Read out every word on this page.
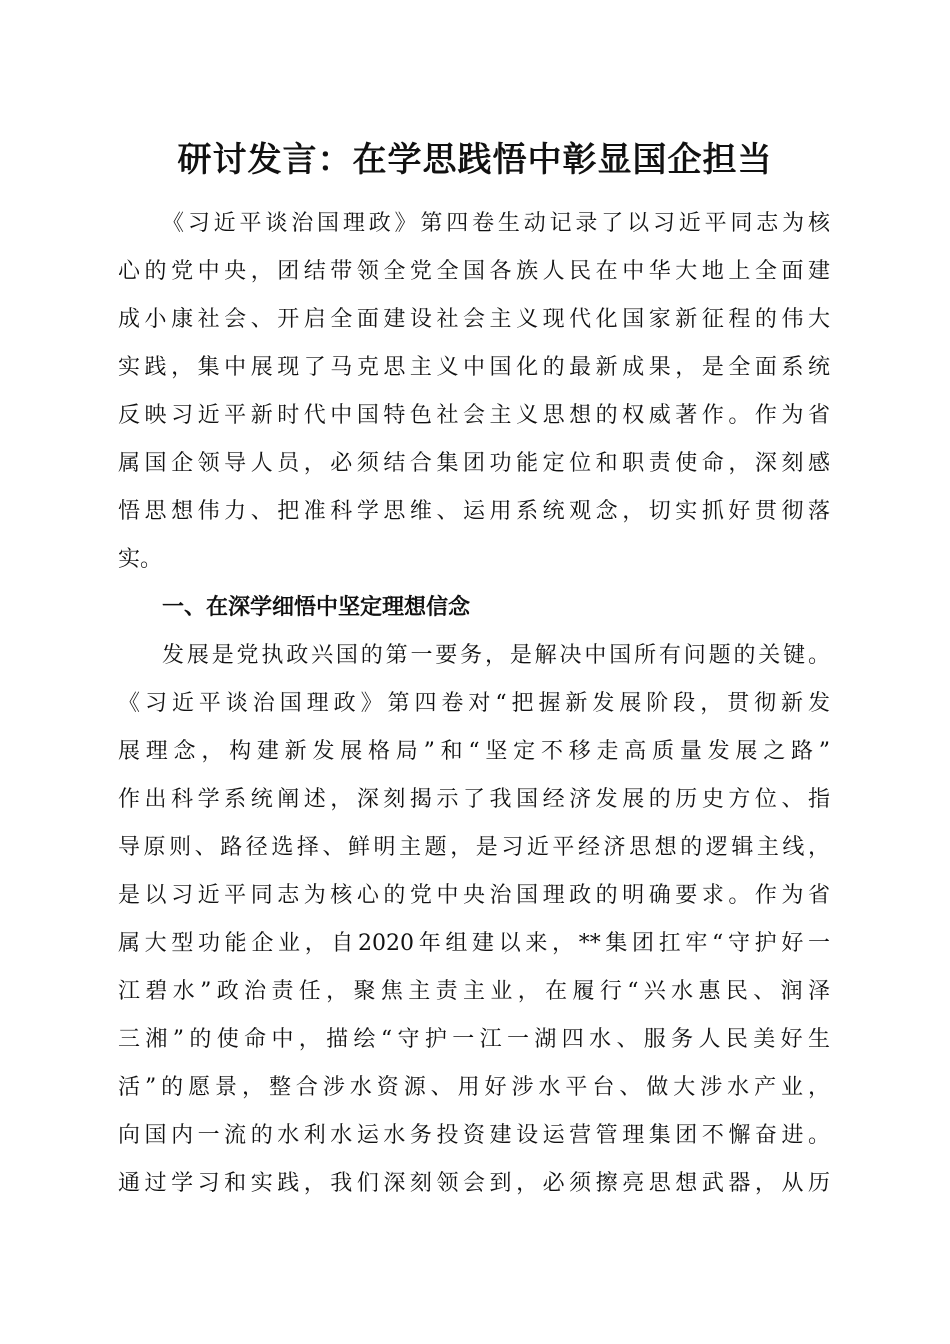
研讨发言：在学思践悟中彰显国企担当
《习近平谈治国理政》第四卷生动记录了以习近平同志为核
心的党中央，团结带领全党全国各族人民在中华大地上全面建
成小康社会、开启全面建设社会主义现代化国家新征程的伟大
实践，集中展现了马克思主义中国化的最新成果，是全面系统
反映习近平新时代中国特色社会主义思想的权威著作。作为省
属国企领导人员，必须结合集团功能定位和职责使命，深刻感
悟思想伟力、把准科学思维、运用系统观念，切实抓好贯彻落
实。
一、在深学细悟中坚定理想信念
发展是党执政兴国的第一要务，是解决中国所有问题的关键。
《习近平谈治国理政》第四卷对“把握新发展阶段，贯彻新发
展理念，构建新发展格局”和“坚定不移走高质量发展之路”
作出科学系统阐述，深刻揭示了我国经济发展的历史方位、指
导原则、路径选择、鲜明主题，是习近平经济思想的逻辑主线，
是以习近平同志为核心的党中央治国理政的明确要求。作为省
属大型功能企业，自2020年组建以来，**集团扛牢“守护好一
江碧水”政治责任，聚焦主责主业，在履行“兴水惠民、润泽
三湘”的使命中，描绘“守护一江一湖四水、服务人民美好生
活”的愿景，整合涉水资源、用好涉水平台、做大涉水产业，
向国内一流的水利水运水务投资建设运营管理集团不懈奋进。
通过学习和实践，我们深刻领会到，必须擦亮思想武器，从历
